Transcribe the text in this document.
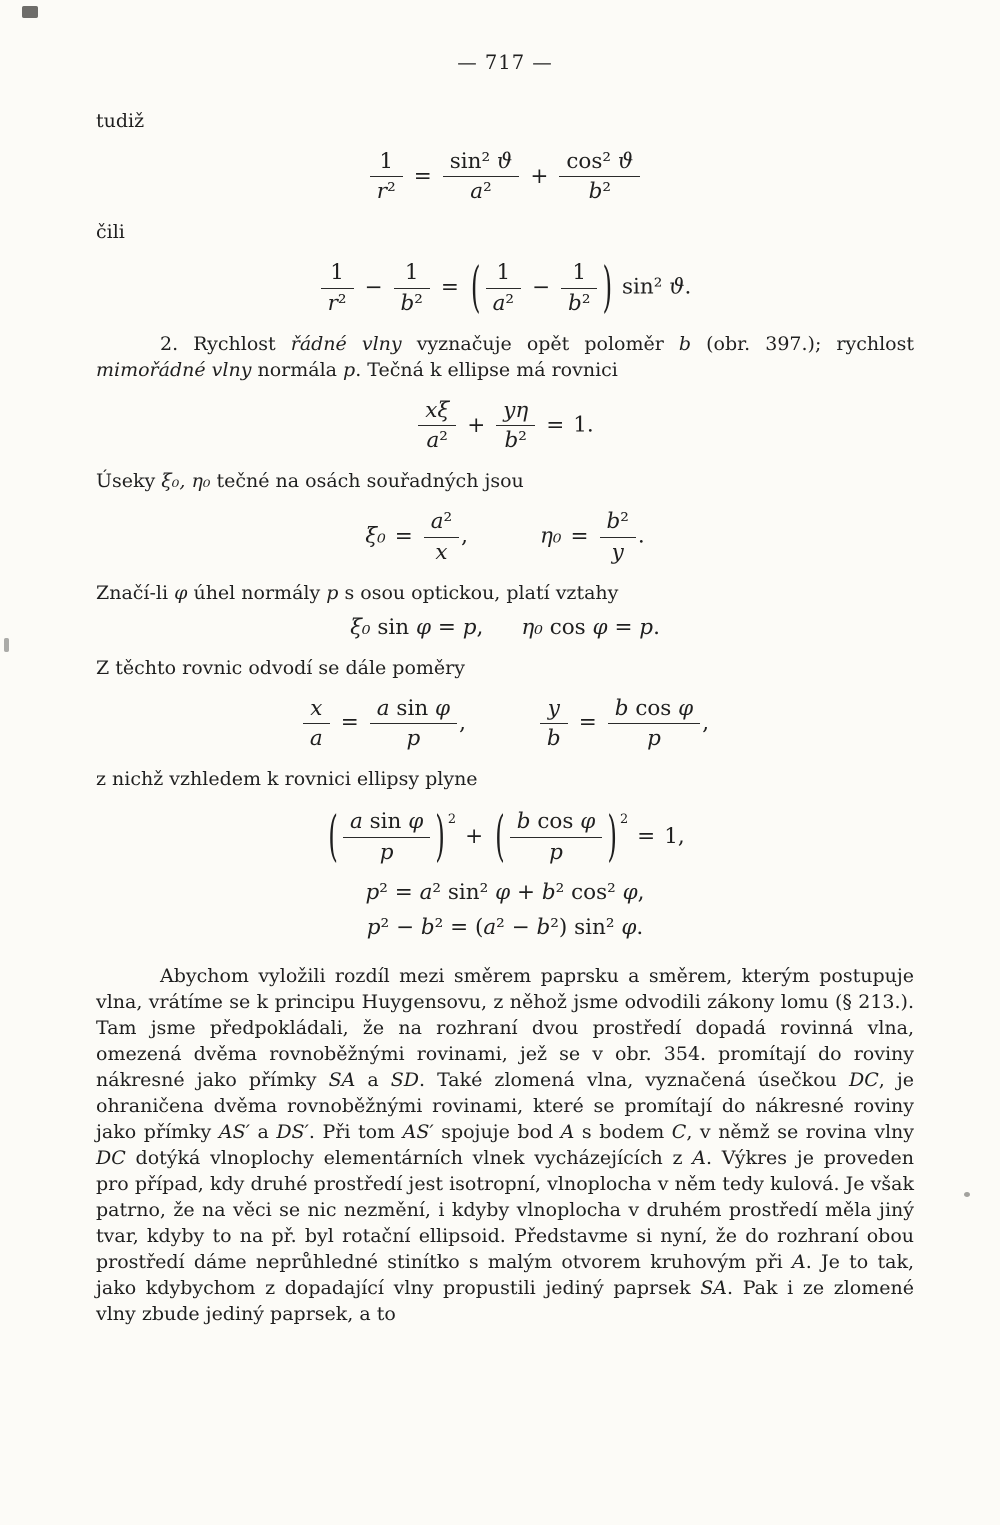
— 717 —

tudiž

$\frac{1}{\text{r²}} = \frac{\text{sin² ϑ}}{\text{a²}} + \frac{\text{cos² ϑ}}{\text{b²}}$

čili

$\frac{1}{\text{r²}} - \frac{1}{\text{b²}}$ = ( $\frac{1}{\text{a²}} - \frac{1}{\text{b²}}$ ) sin² ϑ.

2. Rychlost řádné vlny vyznačuje opět poloměr b (obr. 397.); rychlost mimořádné vlny normála p. Tečná k ellipse má rovnici

$\frac{x\xi}{\text{a²}} + \frac{y\eta}{\text{b²}} = 1$.

Úseky ξ₀, η₀ tečné na osách souřadných jsou

$\xi_0 = \frac{\text{a²}}{x}$ ,	$\eta_0 = \frac{\text{b²}}{y}$ .

Značí-li φ úhel normály p s osou optickou, platí vztahy

ξ₀ sin φ = p, η₀ cos φ = p.

Z těchto rovnic odvodí se dále poměry

$\frac{x}{a} = \frac{\text{a sin φ}}{p}$ ,	$\frac{y}{b} = \frac{\text{b cos φ}}{p}$ ,

z nichž vzhledem k rovnici ellipsy plyne

( $\frac{\text{a sin φ}}{p}$ ) $^2$+ ( $\frac{\text{b cos φ}}{p}$ ) $^2$= 1,
p² = a² sin² φ + b² cos² φ,
p² − b² = (a² − b²) sin² φ.

Abychom vyložili rozdíl mezi směrem paprsku a směrem, kterým postupuje vlna, vrátíme se k principu Huygensovu, z něhož jsme odvodili zákony lomu (§ 213.). Tam jsme předpokládali, že na rozhraní dvou prostředí dopadá rovinná vlna, omezená dvěma rovnoběžnými rovinami, jež se v obr. 354. promítají do roviny nákresné jako přímky SA a SD. Také zlomená vlna, vyznačená úsečkou DC, je ohraničena dvěma rovnoběžnými rovinami, které se promítají do nákresné roviny jako přímky AS′ a DS′. Při tom AS′ spojuje bod A s bodem C, v němž se rovina vlny DC dotýká vlnoplochy elementárních vlnek vycházejících z A. Výkres je proveden pro případ, kdy druhé prostředí jest isotropní, vlnoplocha v něm tedy kulová. Je však patrno, že na věci se nic nezmění, i kdyby vlnoplocha v druhém prostředí měla jiný tvar, kdyby to na př. byl rotační ellipsoid. Představme si nyní, že do rozhraní obou prostředí dáme neprůhledné stinítko s malým otvorem kruhovým při A. Je to tak, jako kdybychom z dopadající vlny propustili jediný paprsek SA. Pak i ze zlomené vlny zbude jediný paprsek, a to
